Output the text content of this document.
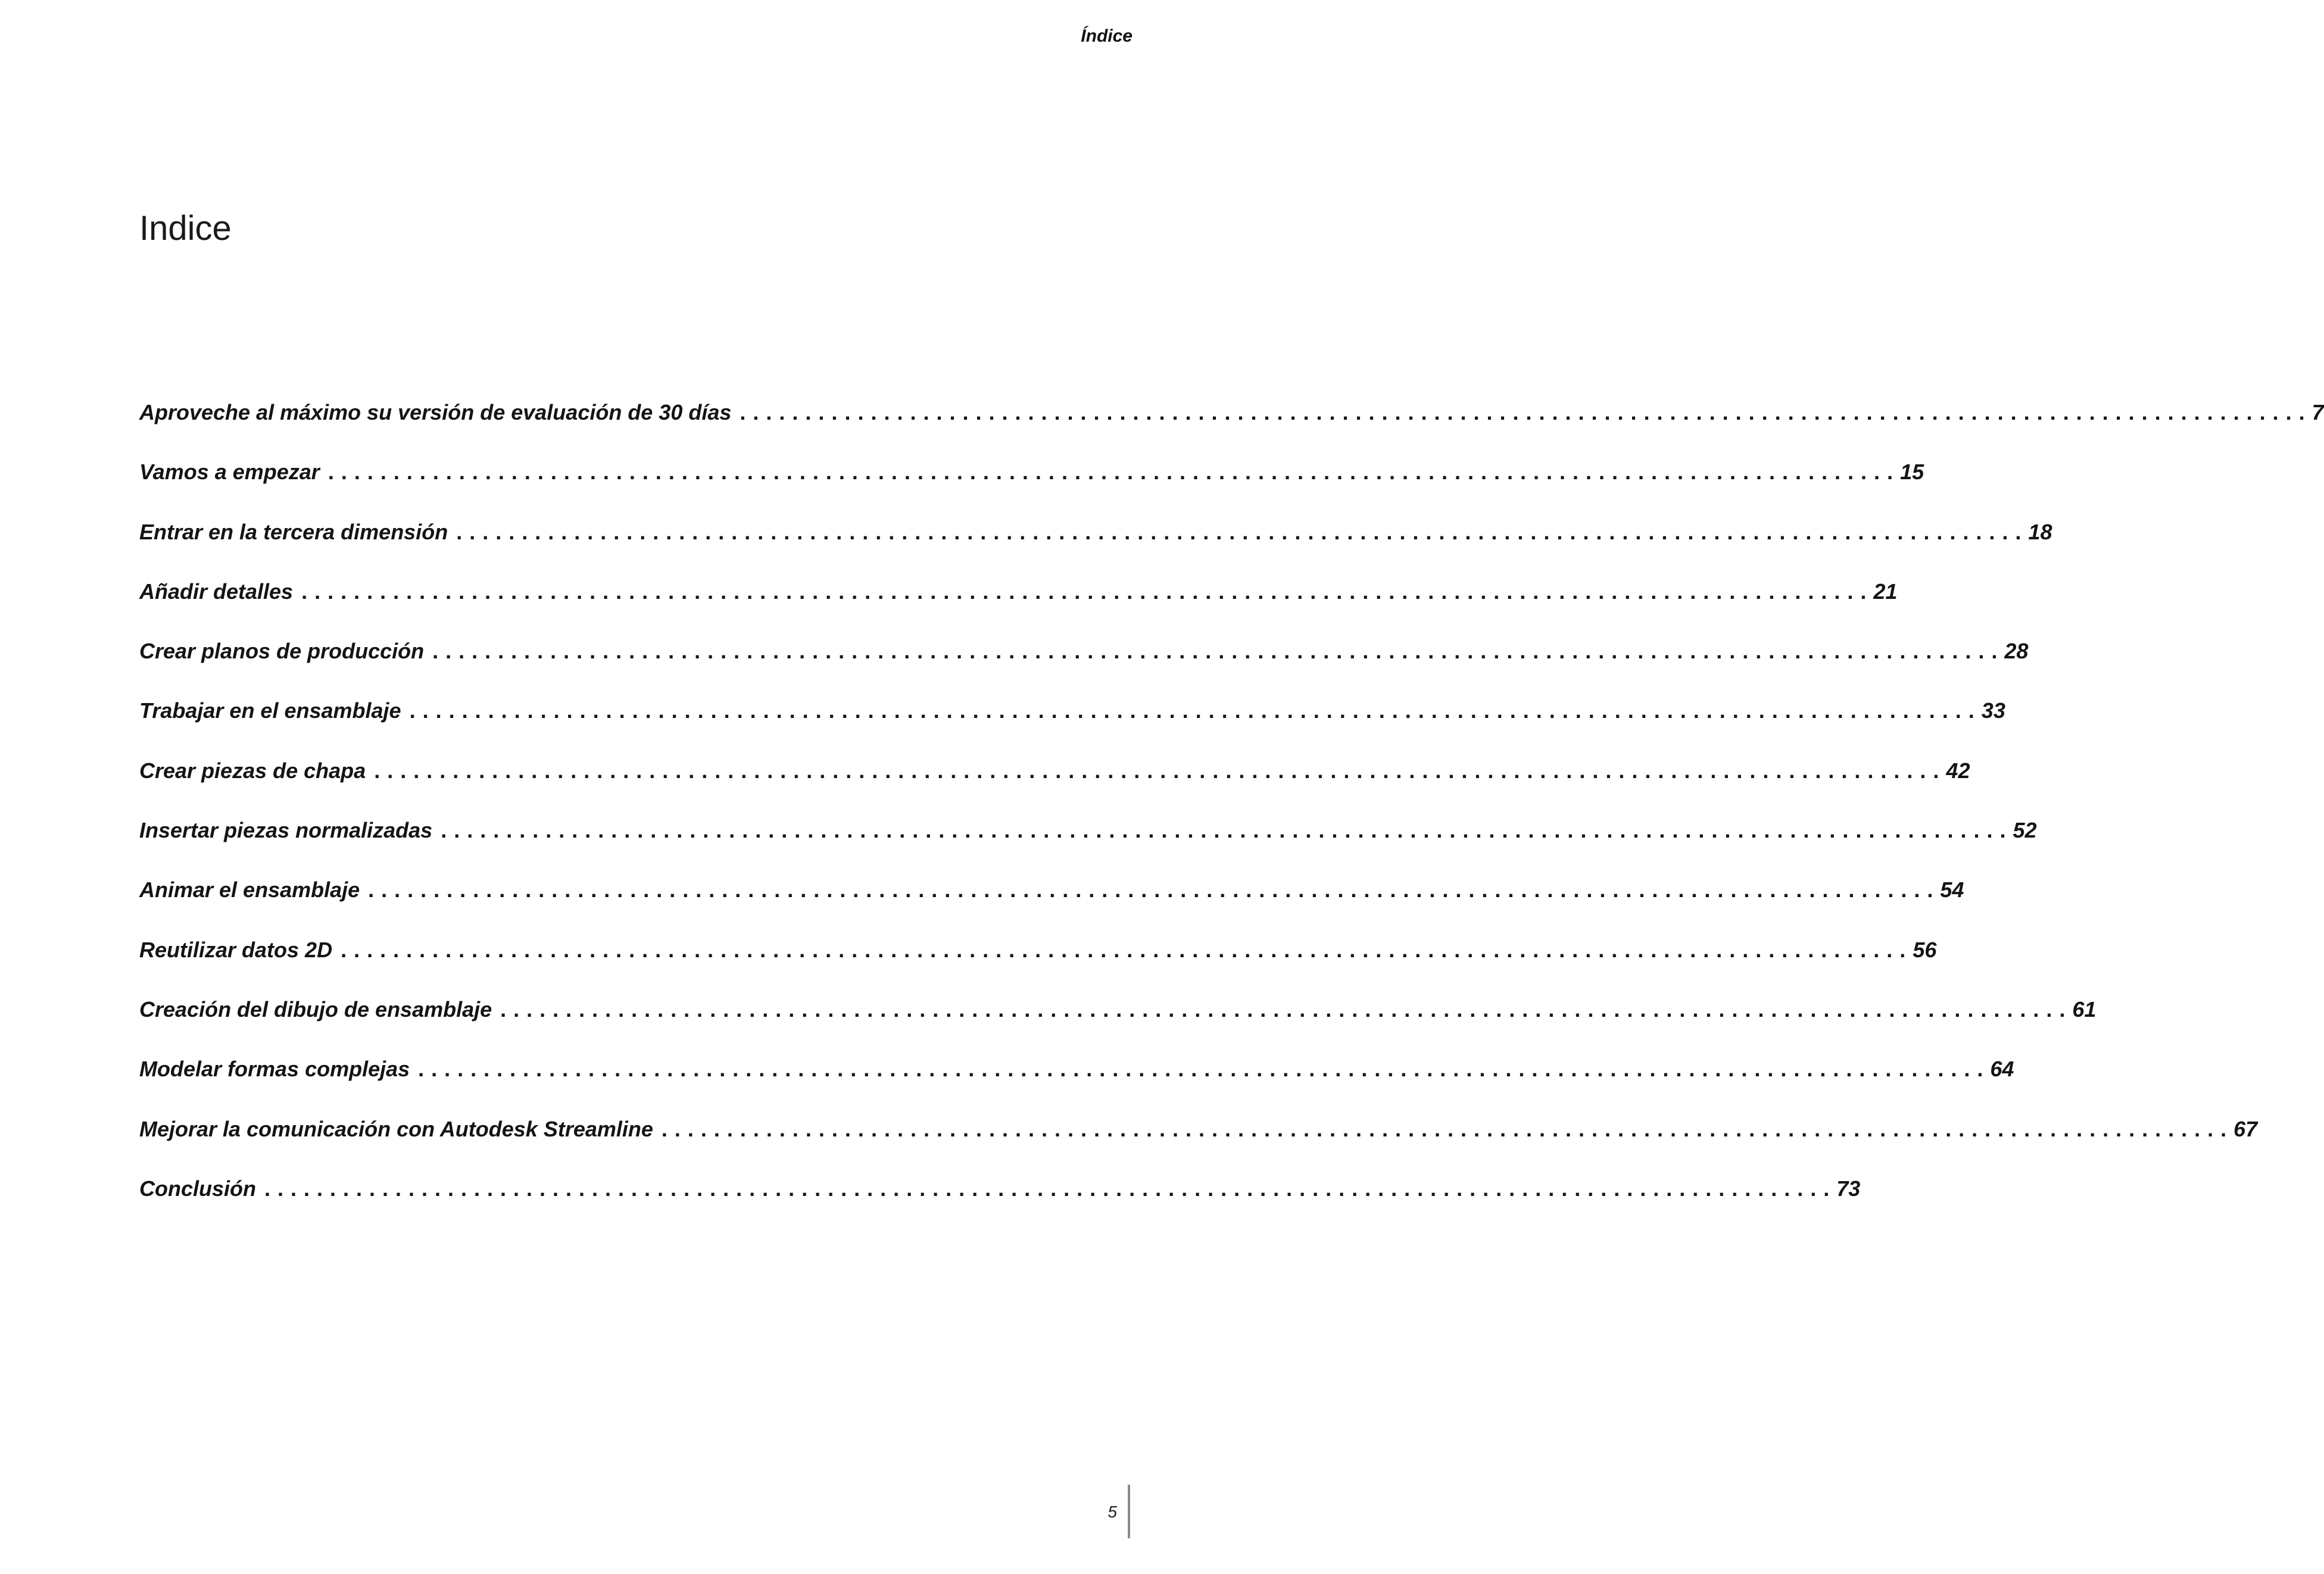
Índice
Indice
Aproveche al máximo su versión de evaluación de 30 días ........................................................................................................................ 7
Vamos a empezar ........................................................................................................................ 15
Entrar en la tercera dimensión ........................................................................................................................ 18
Añadir detalles ........................................................................................................................ 21
Crear planos de producción ........................................................................................................................ 28
Trabajar en el ensamblaje ........................................................................................................................ 33
Crear piezas de chapa ........................................................................................................................ 42
Insertar piezas normalizadas ........................................................................................................................ 52
Animar el ensamblaje ........................................................................................................................ 54
Reutilizar datos 2D ........................................................................................................................ 56
Creación del dibujo de ensamblaje ........................................................................................................................ 61
Modelar formas complejas ........................................................................................................................ 64
Mejorar la comunicación con Autodesk Streamline ........................................................................................................................ 67
Conclusión ........................................................................................................................ 73
5
